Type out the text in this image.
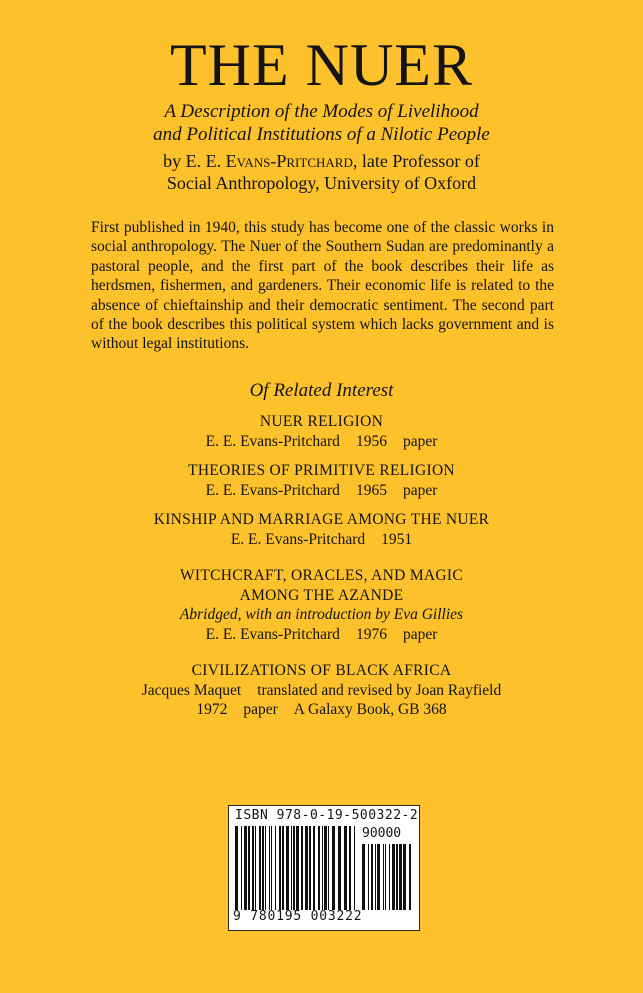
THE NUER
A Description of the Modes of Livelihood
and Political Institutions of a Nilotic People
by E. E. Evans-Pritchard, late Professor of
Social Anthropology, University of Oxford

First published in 1940, this study has become one of the classic works in social anthropology. The Nuer of the Southern Sudan are predominantly a pastoral people, and the first part of the book describes their life as herdsmen, fishermen, and gardeners. Their economic life is related to the absence of chieftainship and their democratic sentiment. The second part of the book describes this political system which lacks government and is without legal institutions.

Of Related Interest
NUER RELIGION
E. E. Evans-Pritchard 1956 paper
THEORIES OF PRIMITIVE RELIGION
E. E. Evans-Pritchard 1965 paper
KINSHIP AND MARRIAGE AMONG THE NUER
E. E. Evans-Pritchard 1951
WITCHCRAFT, ORACLES, AND MAGIC
AMONG THE AZANDE
Abridged, with an introduction by Eva Gillies
E. E. Evans-Pritchard 1976 paper
CIVILIZATIONS OF BLACK AFRICA
Jacques Maquet translated and revised by Joan Rayfield
1972 paper A Galaxy Book, GB 368
ISBN 978-0-19-500322-2
90000
9 780195 003222
